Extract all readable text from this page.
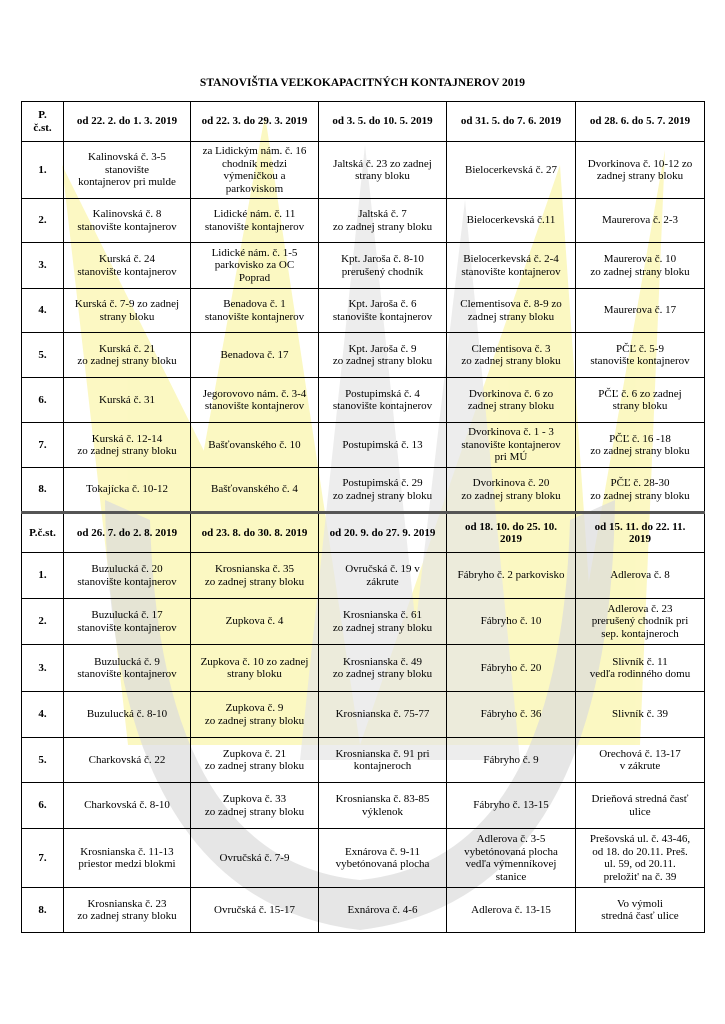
STANOVIŠTIA VEĽKOKAPACITNÝCH KONTAJNEROV 2019
P.
č.st.	od 22. 2. do 1. 3. 2019	od 22. 3. do 29. 3. 2019	od 3. 5. do 10. 5. 2019	od 31. 5. do 7. 6. 2019	od 28. 6. do 5. 7. 2019
1.	Kalinovská č. 3-5
stanovište
kontajnerov pri mulde	za Lidickým nám. č. 16
chodník medzi
výmeničkou a
parkoviskom	Jaltská č. 23 zo zadnej
strany bloku	Bielocerkevská č. 27	Dvorkinova č. 10-12 zo
zadnej strany bloku
2.	Kalinovská č. 8
stanovište kontajnerov	Lidické nám. č. 11
stanovište kontajnerov	Jaltská č. 7
zo zadnej strany bloku	Bielocerkevská č.11	Maurerova č. 2-3
3.	Kurská č. 24
stanovište kontajnerov	Lidické nám. č. 1-5
parkovisko za OC
Poprad	Kpt. Jaroša č. 8-10
prerušený chodník	Bielocerkevská č. 2-4
stanovište kontajnerov	Maurerova č. 10
zo zadnej strany bloku
4.	Kurská č. 7-9 zo zadnej
strany bloku	Benadova č. 1
stanovište kontajnerov	Kpt. Jaroša č. 6
stanovište kontajnerov	Clementisova č. 8-9 zo
zadnej strany bloku	Maurerova č. 17
5.	Kurská č. 21
zo zadnej strany bloku	Benadova č. 17	Kpt. Jaroša č. 9
zo zadnej strany bloku	Clementisova č. 3
zo zadnej strany bloku	PČĽ č. 5-9
stanovište kontajnerov
6.	Kurská č. 31	Jegorovovo nám. č. 3-4
stanovište kontajnerov	Postupimská č. 4
stanovište kontajnerov	Dvorkinova č. 6 zo
zadnej strany bloku	PČĽ č. 6 zo zadnej
strany bloku
7.	Kurská č. 12-14
zo zadnej strany bloku	Bašťovanského č. 10	Postupimská č. 13	Dvorkinova č. 1 - 3
stanovište kontajnerov
pri MÚ	PČĽ č. 16 -18
zo zadnej strany bloku
8.	Tokajícka č. 10-12	Bašťovanského č. 4	Postupimská č. 29
zo zadnej strany bloku	Dvorkinova č. 20
zo zadnej strany bloku	PČĽ č. 28-30
zo zadnej strany bloku
P.č.st.	od 26. 7. do 2. 8. 2019	od 23. 8. do 30. 8. 2019	od 20. 9. do 27. 9. 2019	od 18. 10. do 25. 10.
2019	od 15. 11. do 22. 11.
2019
1.	Buzulucká č. 20
stanovište kontajnerov	Krosnianska č. 35
zo zadnej strany bloku	Ovručská č. 19 v
zákrute	Fábryho č. 2 parkovisko	Adlerova č. 8
2.	Buzulucká č. 17
stanovište kontajnerov	Zupkova č. 4	Krosnianska č. 61
zo zadnej strany bloku	Fábryho č. 10	Adlerova č. 23
prerušený chodník pri
sep. kontajneroch
3.	Buzulucká č. 9
stanovište kontajnerov	Zupkova č. 10 zo zadnej
strany bloku	Krosnianska č. 49
zo zadnej strany bloku	Fábryho č. 20	Slivník č. 11
vedľa rodinného domu
4.	Buzulucká č. 8-10	Zupkova č. 9
zo zadnej strany bloku	Krosnianska č. 75-77	Fábryho č. 36	Slivník č. 39
5.	Charkovská č. 22	Zupkova č. 21
zo zadnej strany bloku	Krosnianska č. 91 pri
kontajneroch	Fábryho č. 9	Orechová č. 13-17
v zákrute
6.	Charkovská č. 8-10	Zupkova č. 33
zo zadnej strany bloku	Krosnianska č. 83-85
výklenok	Fábryho č. 13-15	Drieňová stredná časť
ulice
7.	Krosnianska č. 11-13
priestor medzi blokmi	Ovručská č. 7-9	Exnárova č. 9-11
vybetónovaná plocha	Adlerova č. 3-5
vybetónovaná plocha
vedľa výmenníkovej
stanice	Prešovská ul. č. 43-46,
od 18. do 20.11. Preš.
ul. 59, od 20.11.
preložit' na č. 39
8.	Krosnianska č. 23
zo zadnej strany bloku	Ovručská č. 15-17	Exnárova č. 4-6	Adlerova č. 13-15	Vo výmoli
stredná časť ulice
